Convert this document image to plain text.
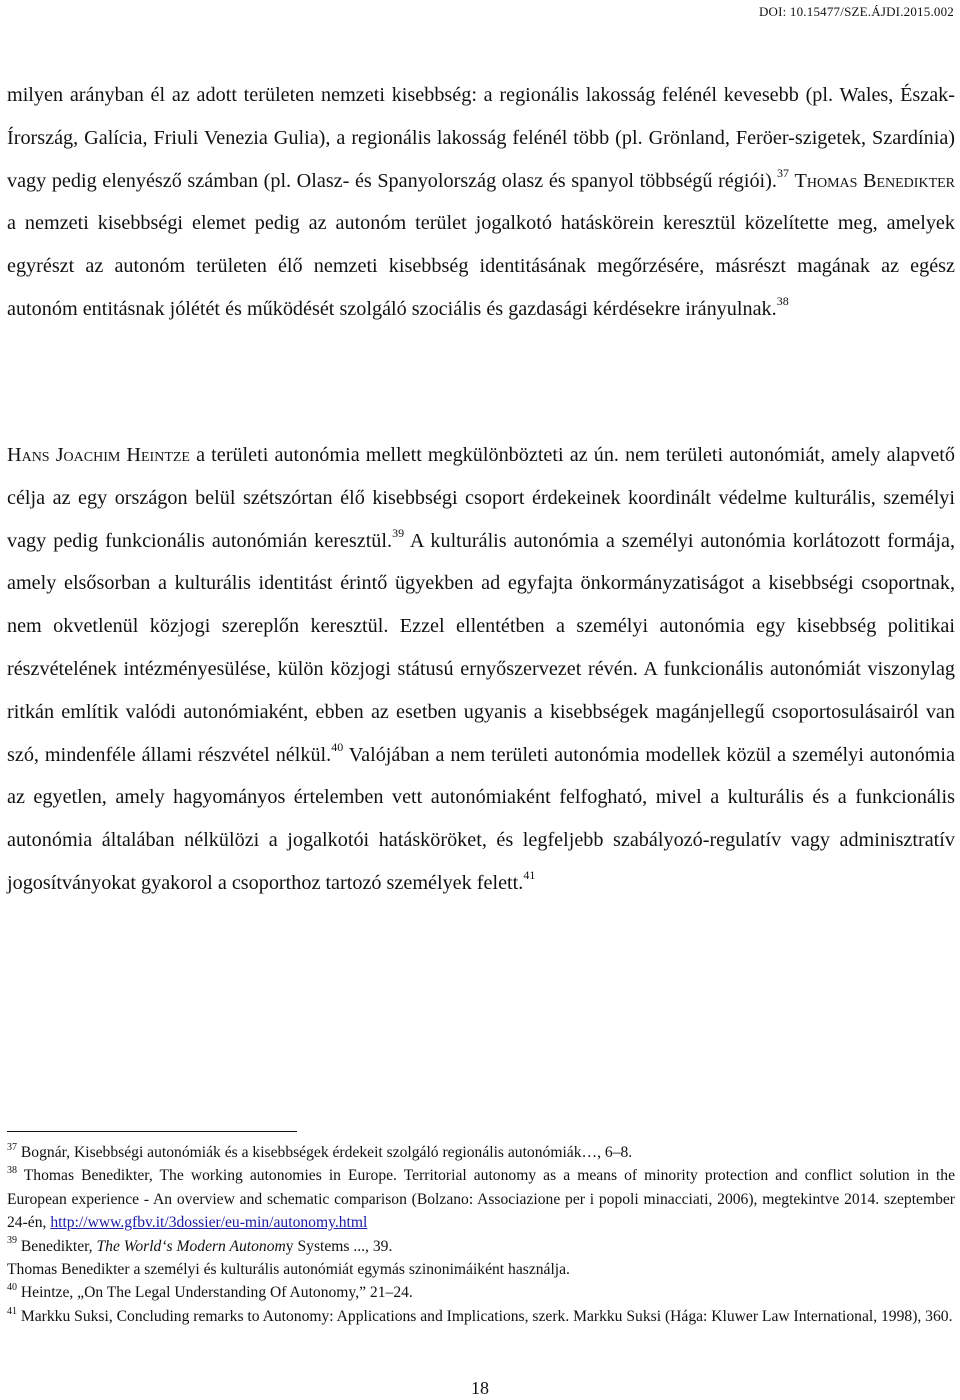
DOI: 10.15477/SZE.ÁJDI.2015.002
milyen arányban él az adott területen nemzeti kisebbség: a regionális lakosság felénél kevesebb (pl. Wales, Észak-Írország, Galícia, Friuli Venezia Gulia), a regionális lakosság felénél több (pl. Grönland, Feröer-szigetek, Szardínia) vagy pedig elenyésző számban (pl. Olasz- és Spanyolország olasz és spanyol többségű régiói).$^{37}$ Thomas Benedikter a nemzeti kisebbségi elemet pedig az autonóm terület jogalkotó hatáskörein keresztül közelítette meg, amelyek egyrészt az autonóm területen élő nemzeti kisebbség identitásának megőrzésére, másrészt magának az egész autonóm entitásnak jólétét és működését szolgáló szociális és gazdasági kérdésekre irányulnak.$^{38}$
Hans Joachim Heintze a területi autonómia mellett megkülönbözteti az ún. nem területi autonómiát, amely alapvető célja az egy országon belül szétszórtan élő kisebbségi csoport érdekeinek koordinált védelme kulturális, személyi vagy pedig funkcionális autonómián keresztül.$^{39}$ A kulturális autonómia a személyi autonómia korlátozott formája, amely elsősorban a kulturális identitást érintő ügyekben ad egyfajta önkormányzatiságot a kisebbségi csoportnak, nem okvetlenül közjogi szereplőn keresztül. Ezzel ellentétben a személyi autonómia egy kisebbség politikai részvételének intézményesülése, külön közjogi státusú ernyőszervezet révén. A funkcionális autonómiát viszonylag ritkán említik valódi autonómiaként, ebben az esetben ugyanis a kisebbségek magánjellegű csoportosulásairól van szó, mindenféle állami részvétel nélkül.$^{40}$ Valójában a nem területi autonómia modellek közül a személyi autonómia az egyetlen, amely hagyományos értelemben vett autonómiaként felfogható, mivel a kulturális és a funkcionális autonómia általában nélkülözi a jogalkotói hatásköröket, és legfeljebb szabályozó-regulatív vagy adminisztratív jogosítványokat gyakorol a csoporthoz tartozó személyek felett.$^{41}$

$^{37}$ Bognár, Kisebbségi autonómiák és a kisebbségek érdekeit szolgáló regionális autonómiák…, 6–8.

$^{38}$ Thomas Benedikter, The working autonomies in Europe. Territorial autonomy as a means of minority protection and conflict solution in the European experience - An overview and schematic comparison (Bolzano: Associazione per i popoli minacciati, 2006), megtekintve 2014. szeptember 24-én, http://www.gfbv.it/3dossier/eu-min/autonomy.html

$^{39}$ Benedikter, The World‘s Modern Autonomy Systems ..., 39.

Thomas Benedikter a személyi és kulturális autonómiát egymás szinonimáiként használja.

$^{40}$ Heintze, „On The Legal Understanding Of Autonomy,” 21–24.

$^{41}$ Markku Suksi, Concluding remarks to Autonomy: Applications and Implications, szerk. Markku Suksi (Hága: Kluwer Law International, 1998), 360.

18
